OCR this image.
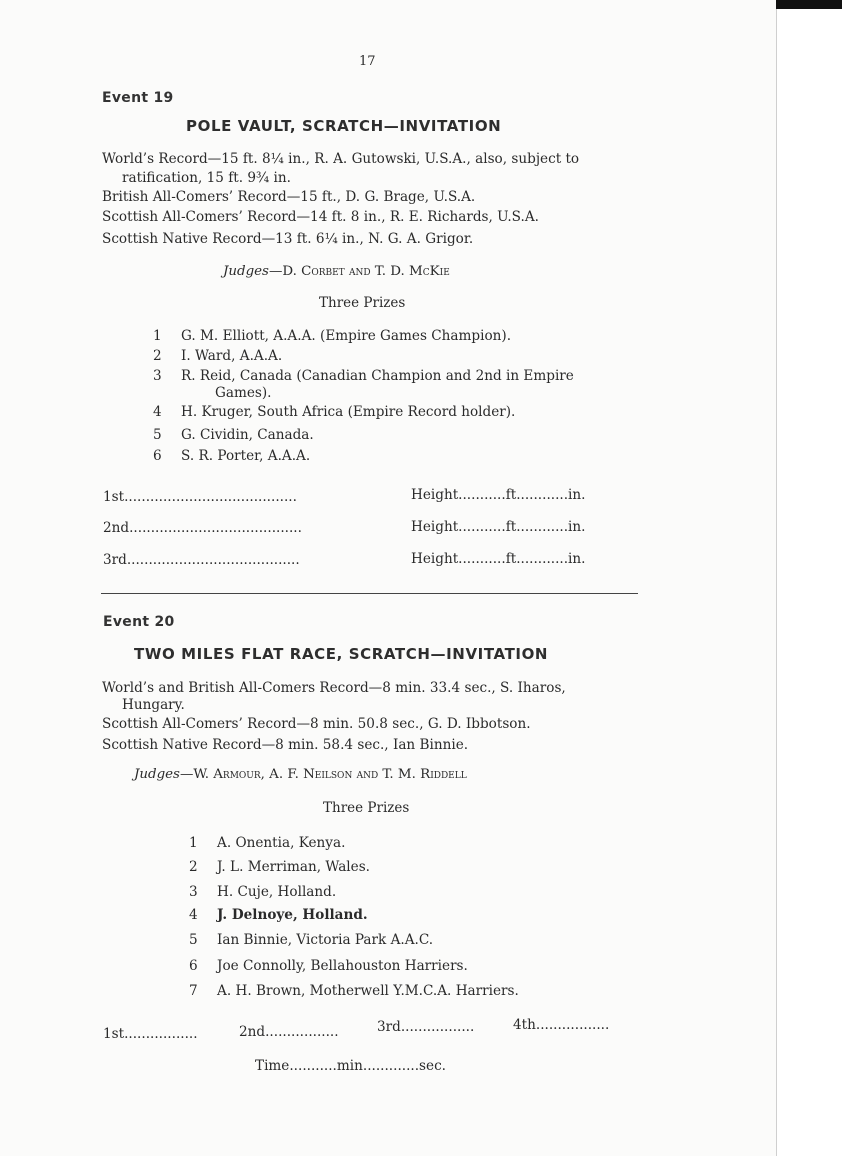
17
Event 19
POLE VAULT, SCRATCH—INVITATION
World’s Record—15 ft. 8¼ in., R. A. Gutowski, U.S.A., also, subject to
ratification, 15 ft. 9¾ in.
British All-Comers’ Record—15 ft., D. G. Brage, U.S.A.
Scottish All-Comers’ Record—14 ft. 8 in., R. E. Richards, U.S.A.
Scottish Native Record—13 ft. 6¼ in., N. G. A. Grigor.
Judges—D. Corbet and T. D. McKie
Three Prizes
1 G. M. Elliott, A.A.A. (Empire Games Champion).
2 I. Ward, A.A.A.
3 R. Reid, Canada (Canadian Champion and 2nd in Empire
Games).
4 H. Kruger, South Africa (Empire Record holder).
5 G. Cividin, Canada.
6 S. R. Porter, A.A.A.
1st........................................	Height...........ft............in.
2nd........................................	Height...........ft............in.
3rd........................................	Height...........ft............in.
Event 20
TWO MILES FLAT RACE, SCRATCH—INVITATION
World’s and British All-Comers Record—8 min. 33.4 sec., S. Iharos,
Hungary.
Scottish All-Comers’ Record—8 min. 50.8 sec., G. D. Ibbotson.
Scottish Native Record—8 min. 58.4 sec., Ian Binnie.
Judges—W. Armour, A. F. Neilson and T. M. Riddell
Three Prizes
1 A. Onentia, Kenya.
2 J. L. Merriman, Wales.
3 H. Cuje, Holland.
4 J. Delnoye, Holland.
5 Ian Binnie, Victoria Park A.A.C.
6 Joe Connolly, Bellahouston Harriers.
7 A. H. Brown, Motherwell Y.M.C.A. Harriers.
1st.................	2nd.................	3rd.................	4th.................
Time...........min.............sec.
